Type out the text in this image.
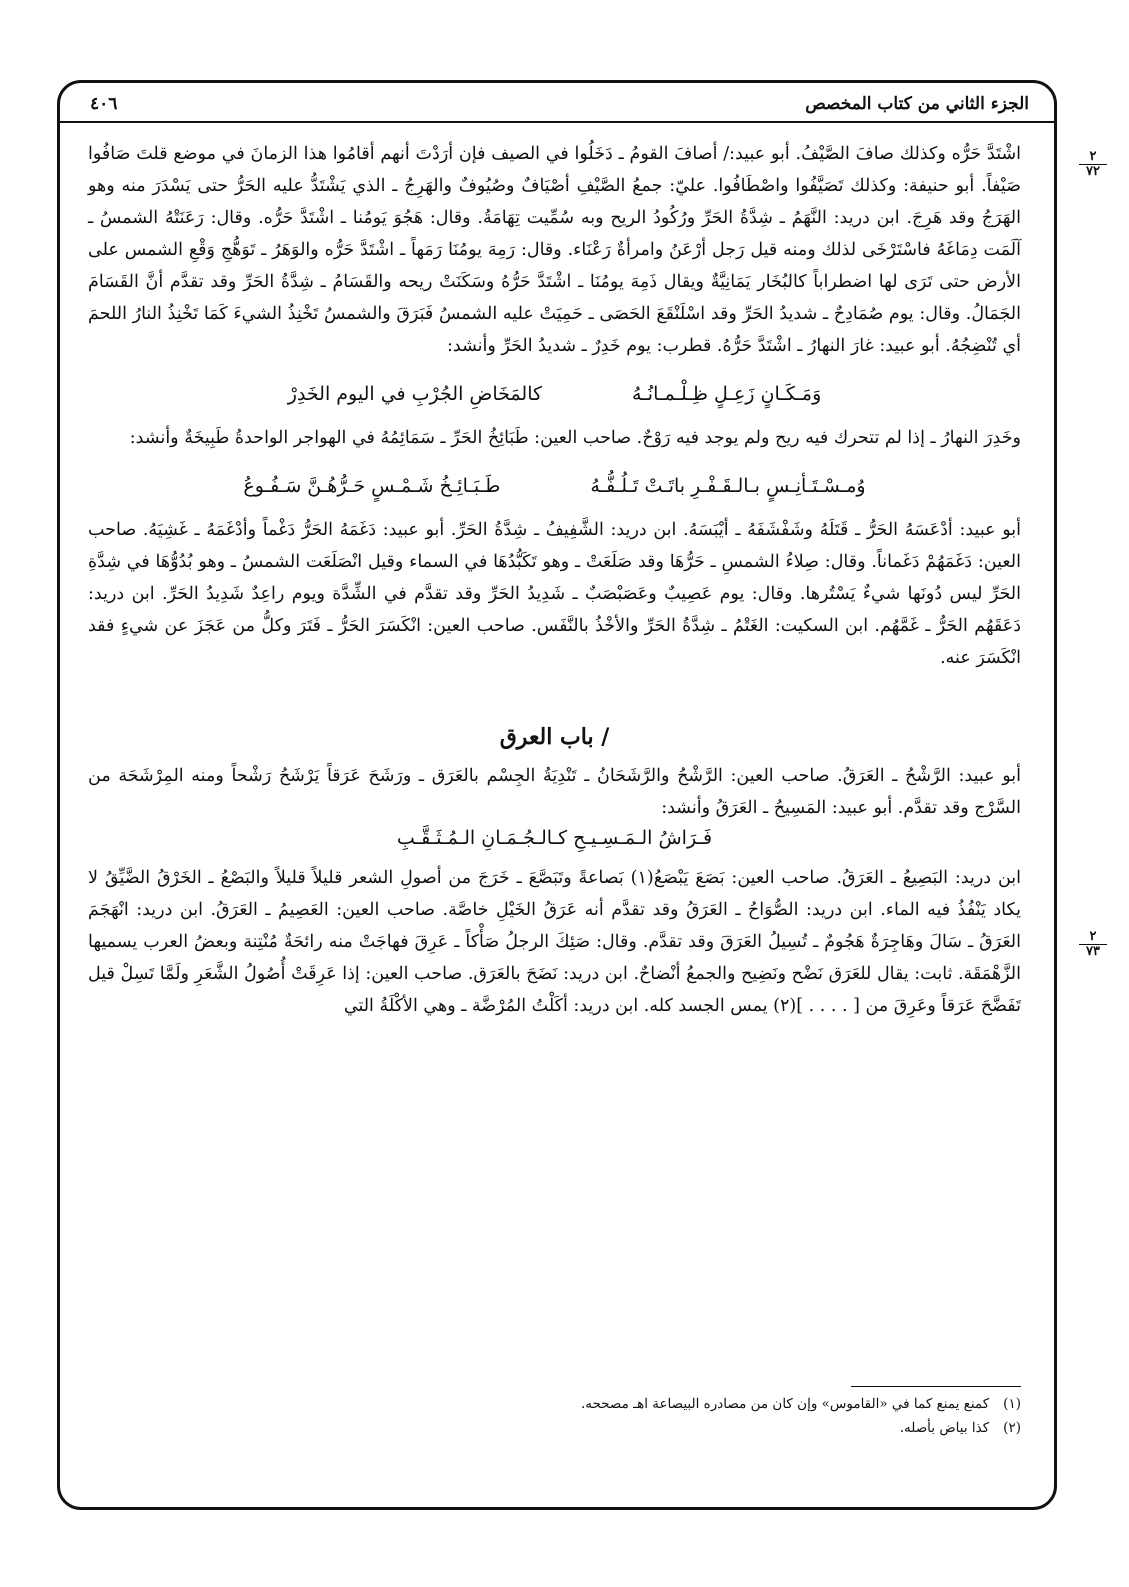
الجزء الثاني من كتاب المخصص
٤٠٦
٢
٧٢
٢
٧٣

اشْتَدَّ حَرُّه وكذلك صافَ الصَّيْفُ. أبو عبيد:/ أصافَ القومُ ـ دَخَلُوا في الصيف فإن أرَدْتَ أنهم أقامُوا هذا الزمانَ في موضع قلتَ صَافُوا صَيْفاً. أبو حنيفة: وكذلك تَصَيَّفُوا واصْطَافُوا. عليّ: جمعُ الصَّيْفِ أصْيَافٌ وصُيُوفٌ والهَرِجُ ـ الذي يَشْتَدُّ عليه الحَرُّ حتى يَسْدَرَ منه وهو الهَرَجُ وقد هَرِجَ. ابن دريد: النَّهَمُ ـ شِدَّةُ الحَرِّ ورُكُودُ الريح وبه سُمِّيت تِهَامَةُ. وقال: هَجُوَ يَومُنا ـ اشْتَدَّ حَرُّه. وقال: رَعَنَتْهُ الشمسُ ـ آلَمَت دِمَاغَهُ فاسْتَرْخَى لذلك ومنه قيل رَجل أرْعَنُ وامرأةٌ رَعْنَاء. وقال: رَمِهَ يومُنَا رَمَهاً ـ اشْتَدَّ حَرُّه والوَهَرُ ـ تَوَهُّجِ وَقْعِ الشمس على الأرض حتى تَرَى لها اضطراباً كالبُخَار يَمَانِيَّةٌ ويقال ذَمِهَ يومُنَا ـ اشْتَدَّ حَرُّهُ وسَكَنَتْ ريحه والقَسَامُ ـ شِدَّةُ الحَرِّ وقد تقدَّم أنَّ القَسَامَ الجَمَالُ. وقال: يوم صُمَادِحٌ ـ شديدُ الحَرِّ وقد اسْلَنْقَعَ الحَصَى ـ حَمِيَتْ عليه الشمسُ فَبَرَقَ والشمسُ تَخْنِذُ الشيءَ كَمَا تَخْنِذُ النارُ اللحمَ أي تُنْضِجُهُ. أبو عبيد: غارَ النهارُ ـ اشْتَدَّ حَرُّهُ. قطرب: يوم خَدِرٌ ـ شديدُ الحَرِّ وأنشد:

وَمَـكَـانٍ زَعِـلٍ ظِـلْـمـانُـهُ
كالمَخَاضِ الجُرْبِ في اليوم الخَدِرْ

وخَدِرَ النهارُ ـ إذا لم تتحرك فيه ريح ولم يوجد فيه رَوْحٌ. صاحب العين: طَبَائِخُ الحَرِّ ـ سَمَائِمُهُ في الهواجر الواحدةُ طَبِيخَةٌ وأنشد:

وُمـسْـتَـأنِـسٍ بـالـقَـفْـرِ باتَـتْ تَـلُـفُّـهُ
طَـبَـائِـخُ شَـمْـسٍ حَـرُّهُـنَّ سَـفُـوعُ

أبو عبيد: أدْعَسَهُ الحَرُّ ـ قَتَلَهُ وشَفْشَفَهُ ـ أيْبَسَهُ. ابن دريد: الشَّفِيفُ ـ شِدَّةُ الحَرِّ. أبو عبيد: دَغَمَهُ الحَرُّ دَغْماً وأدْغَمَهُ ـ غَشِيَهُ. صاحب العين: دَغَمَهُمْ دَغَماناً. وقال: صِلاءُ الشمسِ ـ حَرُّهَا وقد صَلَعَتْ ـ وهو تَكَبُّدُهَا في السماء وقيل انْصَلَعَت الشمسُ ـ وهو بُدُوُّهَا في شِدَّةِ الحَرِّ ليس دُونَها شيءٌ يَسْتُرها. وقال: يوم عَصِيبٌ وعَصَبْصَبٌ ـ شَدِيدُ الحَرِّ وقد تقدَّم في الشِّدَّة ويوم راعِدٌ شَدِيدُ الحَرِّ. ابن دريد: دَعَقَهُم الحَرُّ ـ غَمَّهُم. ابن السكيت: الغَتْمُ ـ شِدَّةُ الحَرِّ والأخْذُ بالنَّفَس. صاحب العين: انْكَسَرَ الحَرُّ ـ فَتَرَ وكلُّ من عَجَزَ عن شيءٍ فقد انْكَسَرَ عنه.

/ باب العرق

أبو عبيد: الرَّشْحُ ـ العَرَقُ. صاحب العين: الرَّشْحُ والرَّشَحَانُ ـ تَنْدِيَةُ الجِسْم بالعَرَق ـ ورَشَحَ عَرَقاً يَرْشَحُ رَشْحاً ومنه المِرْشَحَة من السَّرْج وقد تقدَّم. أبو عبيد: المَسِيحُ ـ العَرَقُ وأنشد:

فَـرَاشُ الـمَـسِـيـحِ كـالـجُـمَـانِ الـمُـثَـقَّـبِ

ابن دريد: البَصِيعُ ـ العَرَقُ. صاحب العين: بَصَعَ يَبْصَعُ(١) بَصاعةً وتَبَصَّعَ ـ خَرَجَ من أصولِ الشعر قليلاً قليلاً والبَصْعُ ـ الخَرْقُ الضَّيِّقُ لا يكاد يَنْفُذُ فيه الماء. ابن دريد: الصُّوَاحُ ـ العَرَقُ وقد تقدَّم أنه عَرَقُ الخَيْلِ خاصَّة. صاحب العين: العَصِيمُ ـ العَرَقُ. ابن دريد: انْهَجَمَ العَرَقُ ـ سَالَ وهَاجِرَةٌ هَجُومٌ ـ تُسِيلُ العَرَقَ وقد تقدَّم. وقال: صَئِكَ الرجلُ صَأْكاً ـ عَرِقَ فهاجَتْ منه رائحَةٌ مُنْتِنة وبعضُ العرب يسميها الزَّهْمَقَة. ثابت: يقال للعَرَق نَضْح ونَضِيح والجمعُ أنْضاحٌ. ابن دريد: نَضَحَ بالعَرَق. صاحب العين: إذا عَرِقَتْ أُصُولُ الشَّعَرِ ولَمَّا تَسِلْ قيل تَفَضَّحَ عَرَقاً وعَرِقَ من [ . . . . ](٢) يمس الجسد كله. ابن دريد: أكَلْتُ المُرْضَّة ـ وهي الأكْلَةُ التي

(١)
كمنع يمنع كما في «القاموس» وإن كان من مصادره البيصاعة اهـ مصححه.
(٢)
كذا بياض بأصله.
